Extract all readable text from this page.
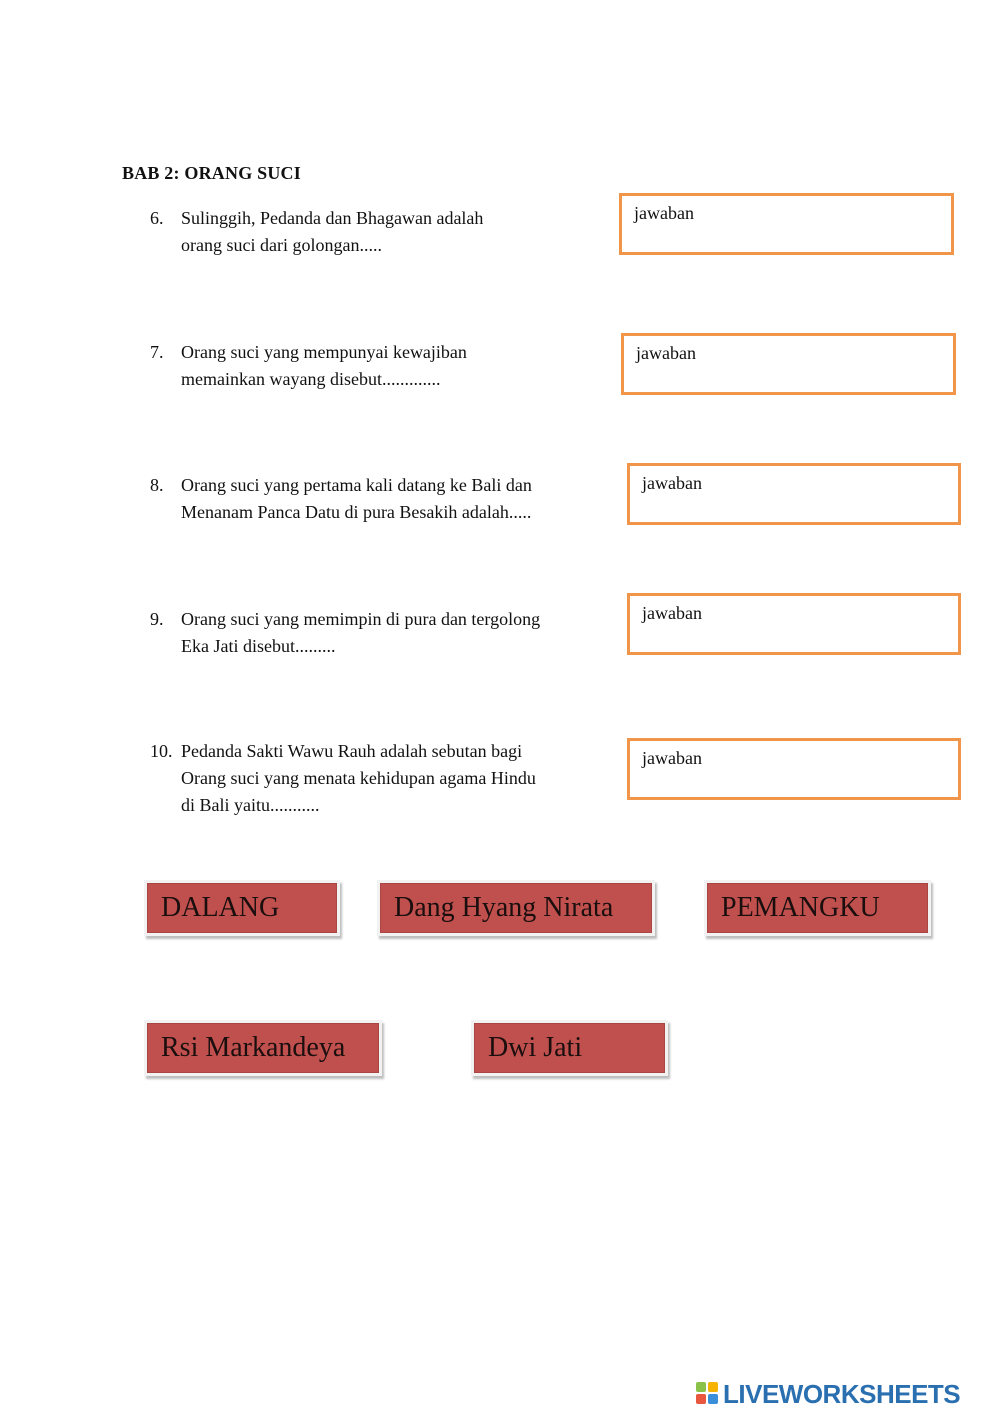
BAB 2: ORANG SUCI
6. Sulinggih, Pedanda dan Bhagawan adalah
orang suci dari golongan.....
jawaban
7. Orang suci yang mempunyai kewajiban
memainkan wayang disebut.............
jawaban
8. Orang suci yang pertama kali datang ke Bali dan
Menanam Panca Datu di pura Besakih adalah.....
jawaban
9. Orang suci yang memimpin di pura dan tergolong
Eka Jati disebut.........
jawaban
10. Pedanda Sakti Wawu Rauh adalah sebutan bagi
Orang suci yang menata kehidupan agama Hindu
di Bali yaitu...........
jawaban
DALANG	Dang Hyang Nirata	PEMANGKU
Rsi Markandeya	Dwi Jati
LIVEWORKSHEETS
